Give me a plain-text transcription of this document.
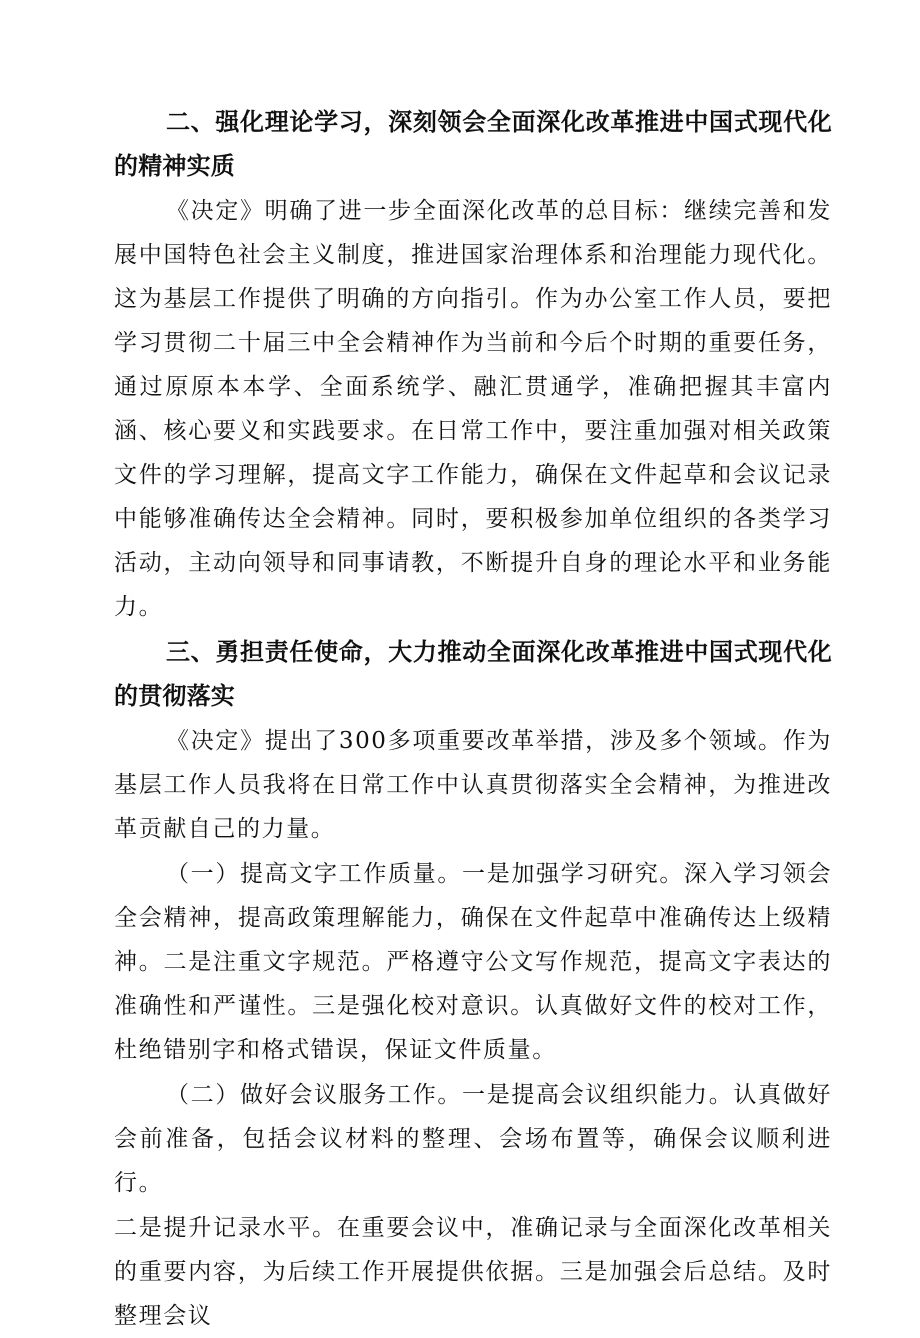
二、强化理论学习，深刻领会全面深化改革推进中国式现代化的精神实质

《决定》明确了进一步全面深化改革的总目标：继续完善和发展中国特色社会主义制度，推进国家治理体系和治理能力现代化。这为基层工作提供了明确的方向指引。作为办公室工作人员，要把学习贯彻二十届三中全会精神作为当前和今后个时期的重要任务，通过原原本本学、全面系统学、融汇贯通学，准确把握其丰富内涵、核心要义和实践要求。在日常工作中，要注重加强对相关政策文件的学习理解，提高文字工作能力，确保在文件起草和会议记录中能够准确传达全会精神。同时，要积极参加单位组织的各类学习活动，主动向领导和同事请教，不断提升自身的理论水平和业务能力。

三、勇担责任使命，大力推动全面深化改革推进中国式现代化的贯彻落实

《决定》提出了300多项重要改革举措，涉及多个领域。作为基层工作人员我将在日常工作中认真贯彻落实全会精神，为推进改革贡献自己的力量。

（一）提高文字工作质量。一是加强学习研究。深入学习领会全会精神，提高政策理解能力，确保在文件起草中准确传达上级精神。二是注重文字规范。严格遵守公文写作规范，提高文字表达的准确性和严谨性。三是强化校对意识。认真做好文件的校对工作，杜绝错别字和格式错误，保证文件质量。

（二）做好会议服务工作。一是提高会议组织能力。认真做好会前准备，包括会议材料的整理、会场布置等，确保会议顺利进行。

二是提升记录水平。在重要会议中，准确记录与全面深化改革相关的重要内容，为后续工作开展提供依据。三是加强会后总结。及时整理会议
